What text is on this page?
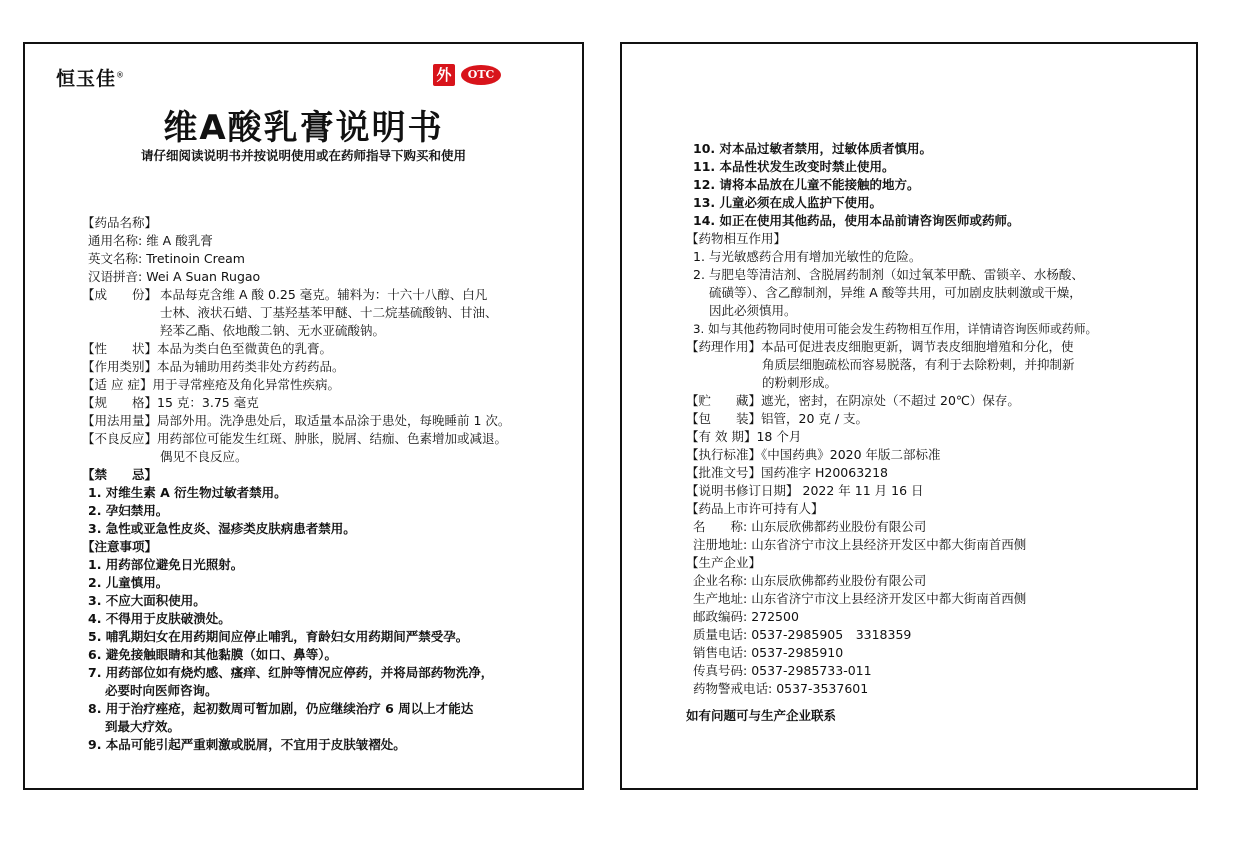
恒玉佳®	外	OTC
维A酸乳膏说明书
请仔细阅读说明书并按说明使用或在药师指导下购买和使用
【药品名称】
通用名称: 维 A 酸乳膏
英文名称: Tretinoin Cream
汉语拼音: Wei A Suan Rugao
【成　　份】 本品每克含维 A 酸 0.25 毫克。辅料为：十六十八醇、白凡
士林、液状石蜡、丁基羟基苯甲醚、十二烷基硫酸钠、甘油、
羟苯乙酯、依地酸二钠、无水亚硫酸钠。
【性　　状】本品为类白色至微黄色的乳膏。
【作用类别】本品为辅助用药类非处方药药品。
【适 应 症】用于寻常痤疮及角化异常性疾病。
【规　　格】15 克：3.75 毫克
【用法用量】局部外用。洗净患处后，取适量本品涂于患处，每晚睡前 1 次。
【不良反应】用药部位可能发生红斑、肿胀，脱屑、结痂、色素增加或减退。
偶见不良反应。
【禁　　忌】
1. 对维生素 A 衍生物过敏者禁用。
2. 孕妇禁用。
3. 急性或亚急性皮炎、湿疹类皮肤病患者禁用。
【注意事项】
1. 用药部位避免日光照射。
2. 儿童慎用。
3. 不应大面积使用。
4. 不得用于皮肤破溃处。
5. 哺乳期妇女在用药期间应停止哺乳，育龄妇女用药期间严禁受孕。
6. 避免接触眼睛和其他黏膜（如口、鼻等）。
7. 用药部位如有烧灼感、瘙痒、红肿等情况应停药，并将局部药物洗净，
必要时向医师咨询。
8. 用于治疗痤疮，起初数周可暂加剧，仍应继续治疗 6 周以上才能达
到最大疗效。
9. 本品可能引起严重刺激或脱屑，不宜用于皮肤皱褶处。
10. 对本品过敏者禁用，过敏体质者慎用。
11. 本品性状发生改变时禁止使用。
12. 请将本品放在儿童不能接触的地方。
13. 儿童必须在成人监护下使用。
14. 如正在使用其他药品，使用本品前请咨询医师或药师。
【药物相互作用】
1. 与光敏感药合用有增加光敏性的危险。
2. 与肥皂等清洁剂、含脱屑药制剂（如过氧苯甲酰、雷锁辛、水杨酸、
硫磺等）、含乙醇制剂，异维 A 酸等共用，可加剧皮肤刺激或干燥，
因此必须慎用。
3. 如与其他药物同时使用可能会发生药物相互作用，详情请咨询医师或药师。
【药理作用】本品可促进表皮细胞更新，调节表皮细胞增殖和分化，使
角质层细胞疏松而容易脱落，有利于去除粉刺，并抑制新
的粉刺形成。
【贮　　藏】遮光，密封，在阴凉处（不超过 20℃）保存。
【包　　装】铝管，20 克 / 支。
【有 效 期】18 个月
【执行标准】《中国药典》2020 年版二部标准
【批准文号】国药准字 H20063218
【说明书修订日期】 2022 年 11 月 16 日
【药品上市许可持有人】
名　　称: 山东辰欣佛都药业股份有限公司
注册地址: 山东省济宁市汶上县经济开发区中都大街南首西侧
【生产企业】
企业名称: 山东辰欣佛都药业股份有限公司
生产地址: 山东省济宁市汶上县经济开发区中都大街南首西侧
邮政编码: 272500
质量电话: 0537-2985905　3318359
销售电话: 0537-2985910
传真号码: 0537-2985733-011
药物警戒电话: 0537-3537601
如有问题可与生产企业联系
